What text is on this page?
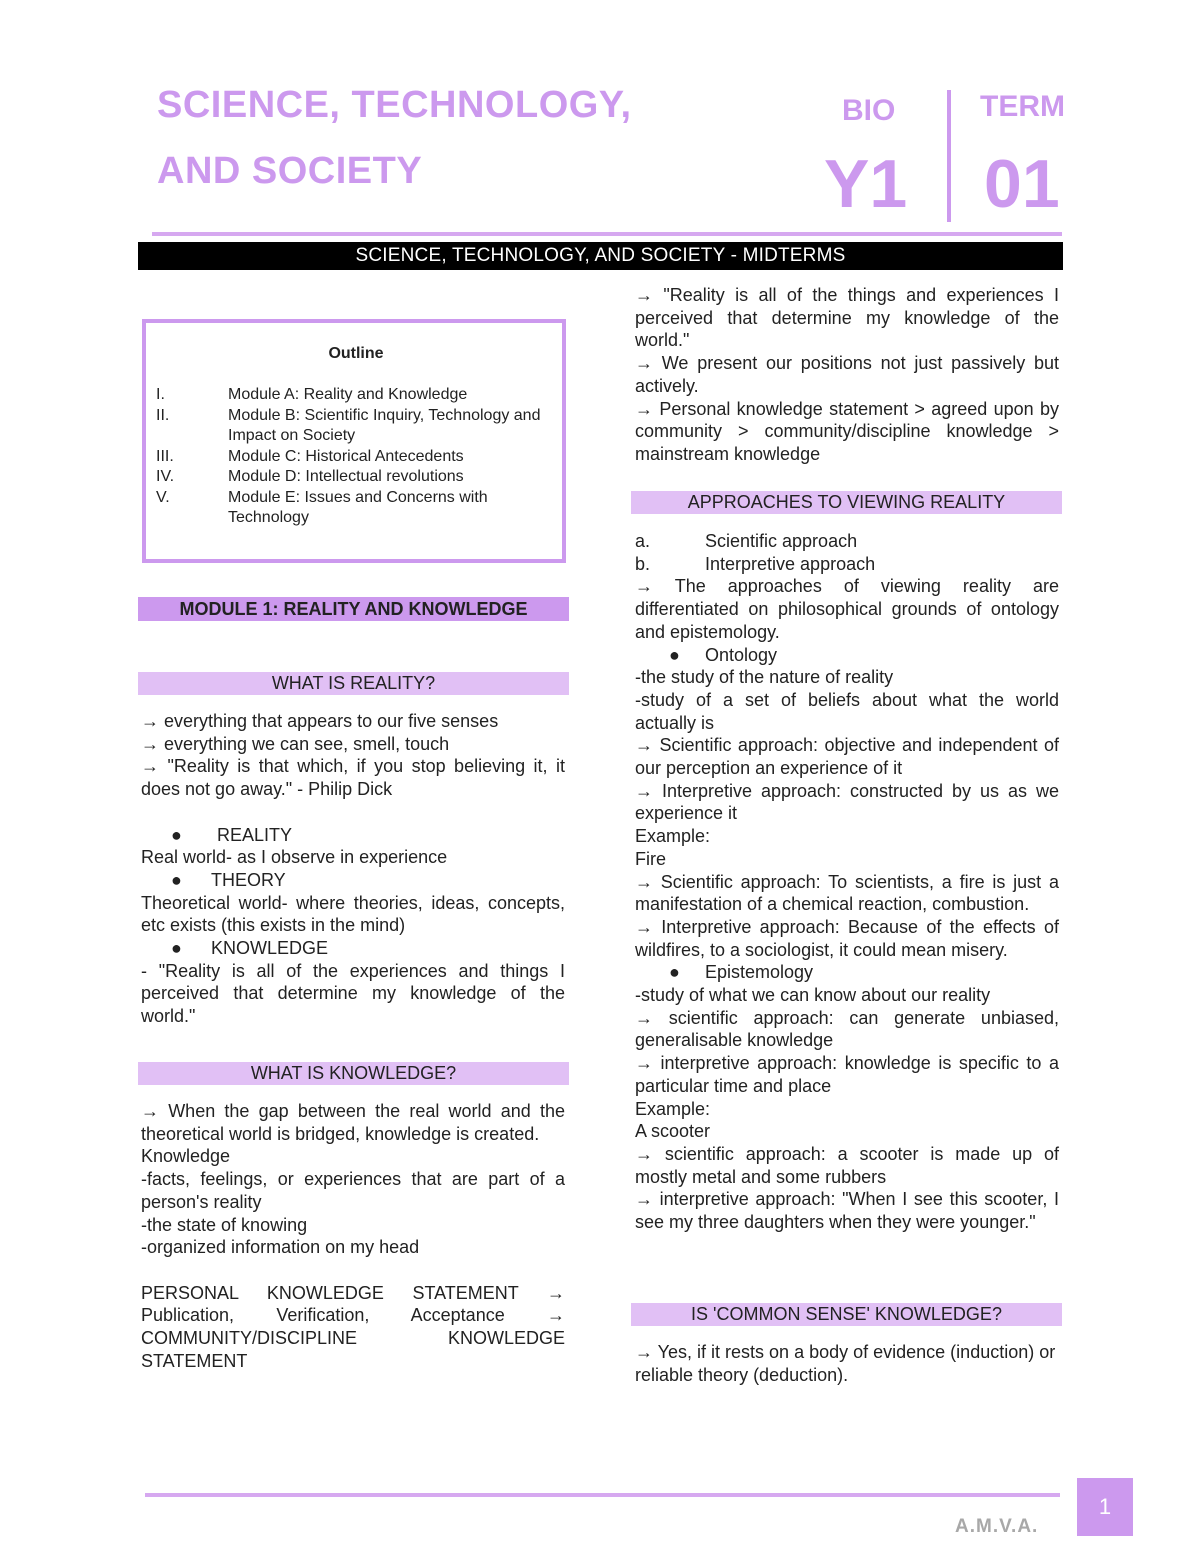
SCIENCE, TECHNOLOGY,
AND SOCIETY
BIO
Y1
TERM
01
SCIENCE, TECHNOLOGY, AND SOCIETY - MIDTERMS
Outline
I.	Module A: Reality and Knowledge
II.	Module B: Scientific Inquiry, Technology and Impact on Society
III.	Module C: Historical Antecedents
IV.	Module D: Intellectual revolutions
V.	Module E: Issues and Concerns with Technology
MODULE 1: REALITY AND KNOWLEDGE
WHAT IS REALITY?

→ everything that appears to our five senses

→ everything we can see, smell, touch

→ "Reality is that which, if you stop believing it, it does not go away." - Philip Dick

●	REALITY

Real world- as I observe in experience

●	THEORY

Theoretical world- where theories, ideas, concepts, etc exists (this exists in the mind)

●	KNOWLEDGE

- "Reality is all of the experiences and things I perceived that determine my knowledge of the world."

WHAT IS KNOWLEDGE?

→ When the gap between the real world and the theoretical world is bridged, knowledge is created.

Knowledge

-facts, feelings, or experiences that are part of a person's reality

-the state of knowing

-organized information on my head

PERSONAL KNOWLEDGE STATEMENT → Publication, Verification, Acceptance → COMMUNITY/DISCIPLINE KNOWLEDGE STATEMENT

→ "Reality is all of the things and experiences I perceived that determine my knowledge of the world."

→ We present our positions not just passively but actively.

→ Personal knowledge statement > agreed upon by community > community/discipline knowledge > mainstream knowledge

APPROACHES TO VIEWING REALITY
a.	Scientific approach
b.	Interpretive approach

→ The approaches of viewing reality are differentiated on philosophical grounds of ontology and epistemology.

●	Ontology

-the study of the nature of reality

-study of a set of beliefs about what the world actually is

→ Scientific approach: objective and independent of our perception an experience of it

→ Interpretive approach: constructed by us as we experience it

Example:

Fire

→ Scientific approach: To scientists, a fire is just a manifestation of a chemical reaction, combustion.

→ Interpretive approach: Because of the effects of wildfires, to a sociologist, it could mean misery.

●	Epistemology

-study of what we can know about our reality

→ scientific approach: can generate unbiased, generalisable knowledge

→ interpretive approach: knowledge is specific to a particular time and place

Example:

A scooter

→ scientific approach: a scooter is made up of mostly metal and some rubbers

→ interpretive approach: "When I see this scooter, I see my three daughters when they were younger."

IS 'COMMON SENSE' KNOWLEDGE?

→ Yes, if it rests on a body of evidence (induction) or reliable theory (deduction).

A.M.V.A.
1
